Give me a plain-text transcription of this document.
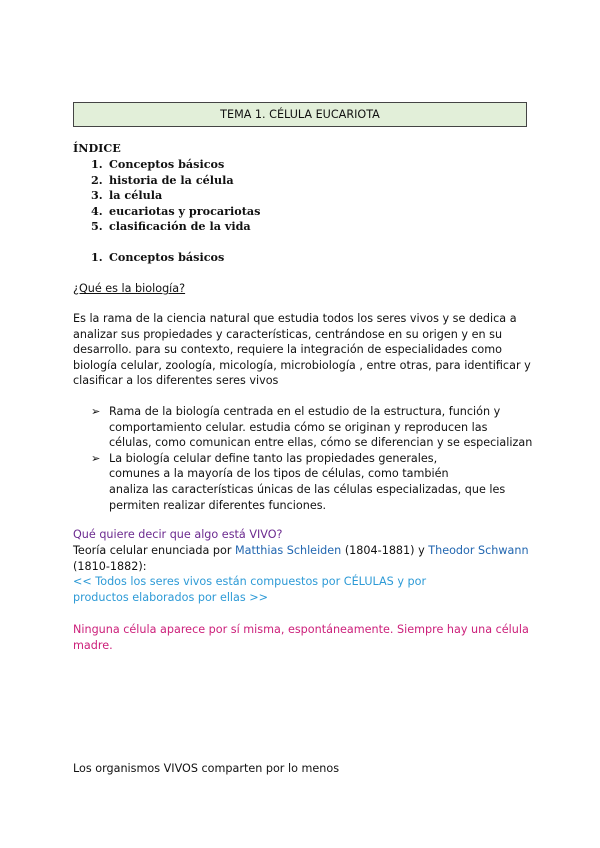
TEMA 1. CÉLULA EUCARIOTA
ÍNDICE
1. Conceptos básicos
2. historia de la célula
3. la célula
4. eucariotas y procariotas
5. clasificación de la vida
1. Conceptos básicos
¿Qué es la biología?
Es la rama de la ciencia natural que estudia todos los seres vivos y se dedica a
analizar sus propiedades y características, centrándose en su origen y en su
desarrollo. para su contexto, requiere la integración de especialidades como
biología celular, zoología, micología, microbiología , entre otras, para identificar y
clasificar a los diferentes seres vivos
➢ Rama de la biología centrada en el estudio de la estructura, función y
comportamiento celular. estudia cómo se originan y reproducen las
células, como comunican entre ellas, cómo se diferencian y se especializan
➢ La biología celular define tanto las propiedades generales,
comunes a la mayoría de los tipos de células, como también
analiza las características únicas de las células especializadas, que les
permiten realizar diferentes funciones.
Qué quiere decir que algo está VIVO?
Teoría celular enunciada por Matthias Schleiden (1804-1881) y Theodor Schwann
(1810-1882):
<< Todos los seres vivos están compuestos por CÉLULAS y por
productos elaborados por ellas >>
Ninguna célula aparece por sí misma, espontáneamente. Siempre hay una célula
madre.
Los organismos VIVOS comparten por lo menos
